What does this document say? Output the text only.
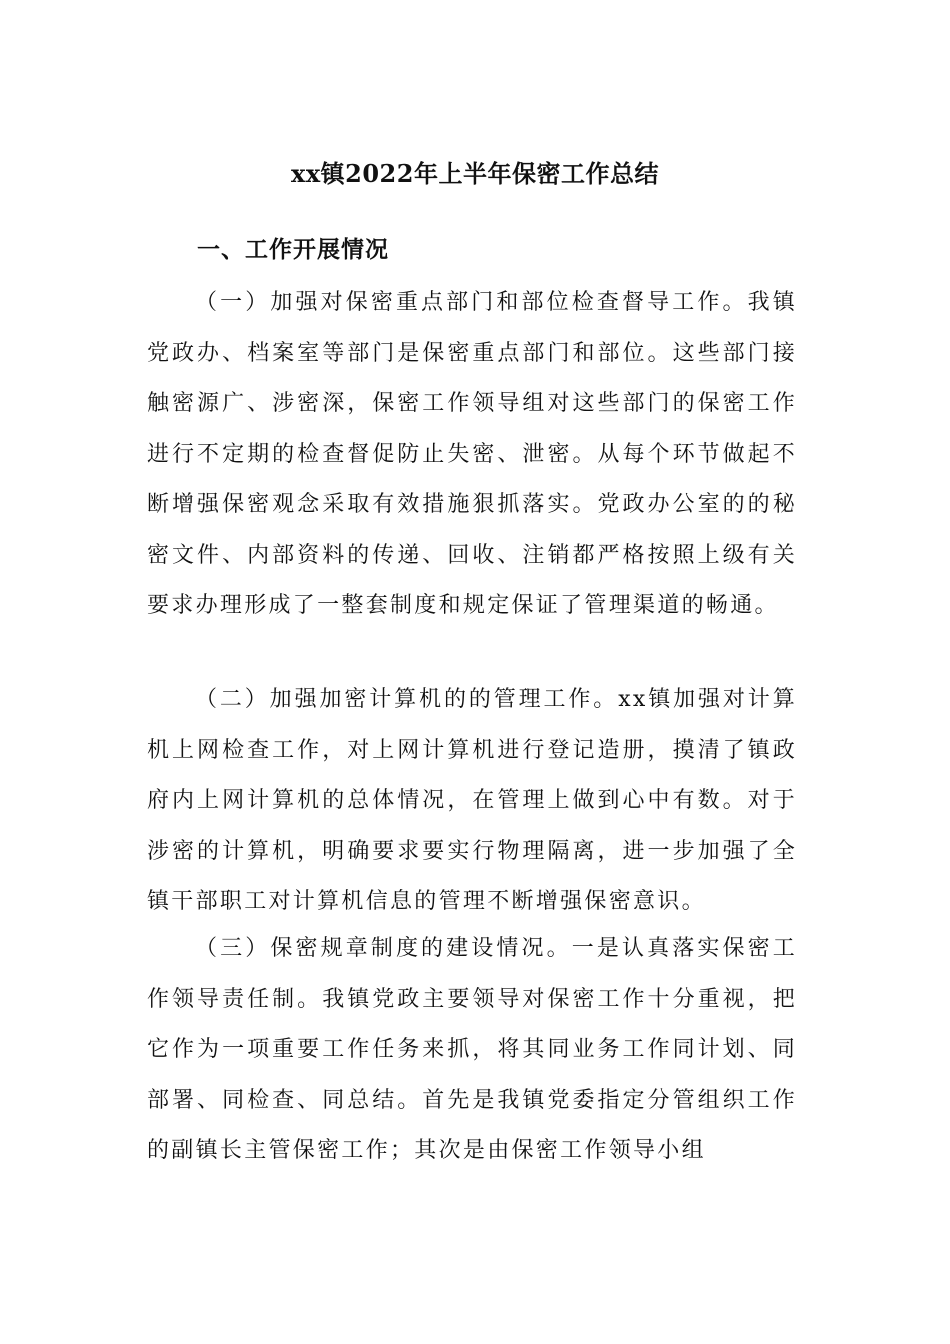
xx镇2022年上半年保密工作总结
一、工作开展情况

（一）加强对保密重点部门和部位检查督导工作。我镇党政办、档案室等部门是保密重点部门和部位。这些部门接触密源广、涉密深，保密工作领导组对这些部门的保密工作进行不定期的检查督促防止失密、泄密。从每个环节做起不断增强保密观念采取有效措施狠抓落实。党政办公室的的秘密文件、内部资料的传递、回收、注销都严格按照上级有关要求办理形成了一整套制度和规定保证了管理渠道的畅通。

（二）加强加密计算机的的管理工作。xx镇加强对计算机上网检查工作，对上网计算机进行登记造册，摸清了镇政府内上网计算机的总体情况，在管理上做到心中有数。对于涉密的计算机，明确要求要实行物理隔离，进一步加强了全镇干部职工对计算机信息的管理不断增强保密意识。

（三）保密规章制度的建设情况。一是认真落实保密工作领导责任制。我镇党政主要领导对保密工作十分重视，把它作为一项重要工作任务来抓，将其同业务工作同计划、同部署、同检查、同总结。首先是我镇党委指定分管组织工作的副镇长主管保密工作；其次是由保密工作领导小组
